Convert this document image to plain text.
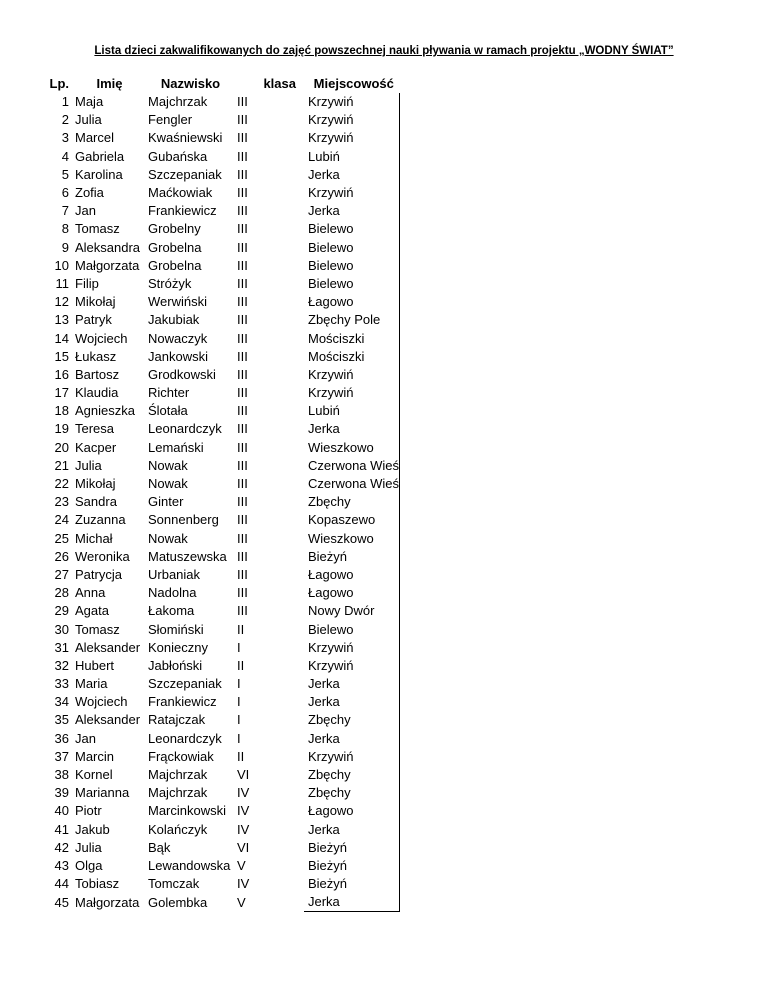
Lista dzieci zakwalifikowanych do zajęć powszechnej nauki pływania w ramach projektu „WODNY ŚWIAT”
Lp.	Imię	Nazwisko	klasa	Miejscowość
1	Maja	Majchrzak	III	Krzywiń
2	Julia	Fengler	III	Krzywiń
3	Marcel	Kwaśniewski	III	Krzywiń
4	Gabriela	Gubańska	III	Lubiń
5	Karolina	Szczepaniak	III	Jerka
6	Zofia	Maćkowiak	III	Krzywiń
7	Jan	Frankiewicz	III	Jerka
8	Tomasz	Grobelny	III	Bielewo
9	Aleksandra	Grobelna	III	Bielewo
10	Małgorzata	Grobelna	III	Bielewo
11	Filip	Stróżyk	III	Bielewo
12	Mikołaj	Werwiński	III	Łagowo
13	Patryk	Jakubiak	III	Zbęchy Pole
14	Wojciech	Nowaczyk	III	Mościszki
15	Łukasz	Jankowski	III	Mościszki
16	Bartosz	Grodkowski	III	Krzywiń
17	Klaudia	Richter	III	Krzywiń
18	Agnieszka	Ślotała	III	Lubiń
19	Teresa	Leonardczyk	III	Jerka
20	Kacper	Lemański	III	Wieszkowo
21	Julia	Nowak	III	Czerwona Wieś
22	Mikołaj	Nowak	III	Czerwona Wieś
23	Sandra	Ginter	III	Zbęchy
24	Zuzanna	Sonnenberg	III	Kopaszewo
25	Michał	Nowak	III	Wieszkowo
26	Weronika	Matuszewska	III	Bieżyń
27	Patrycja	Urbaniak	III	Łagowo
28	Anna	Nadolna	III	Łagowo
29	Agata	Łakoma	III	Nowy Dwór
30	Tomasz	Słomiński	II	Bielewo
31	Aleksander	Konieczny	I	Krzywiń
32	Hubert	Jabłoński	II	Krzywiń
33	Maria	Szczepaniak	I	Jerka
34	Wojciech	Frankiewicz	I	Jerka
35	Aleksander	Ratajczak	I	Zbęchy
36	Jan	Leonardczyk	I	Jerka
37	Marcin	Frąckowiak	II	Krzywiń
38	Kornel	Majchrzak	VI	Zbęchy
39	Marianna	Majchrzak	IV	Zbęchy
40	Piotr	Marcinkowski	IV	Łagowo
41	Jakub	Kolańczyk	IV	Jerka
42	Julia	Bąk	VI	Bieżyń
43	Olga	Lewandowska	V	Bieżyń
44	Tobiasz	Tomczak	IV	Bieżyń
45	Małgorzata	Golembka	V	Jerka
